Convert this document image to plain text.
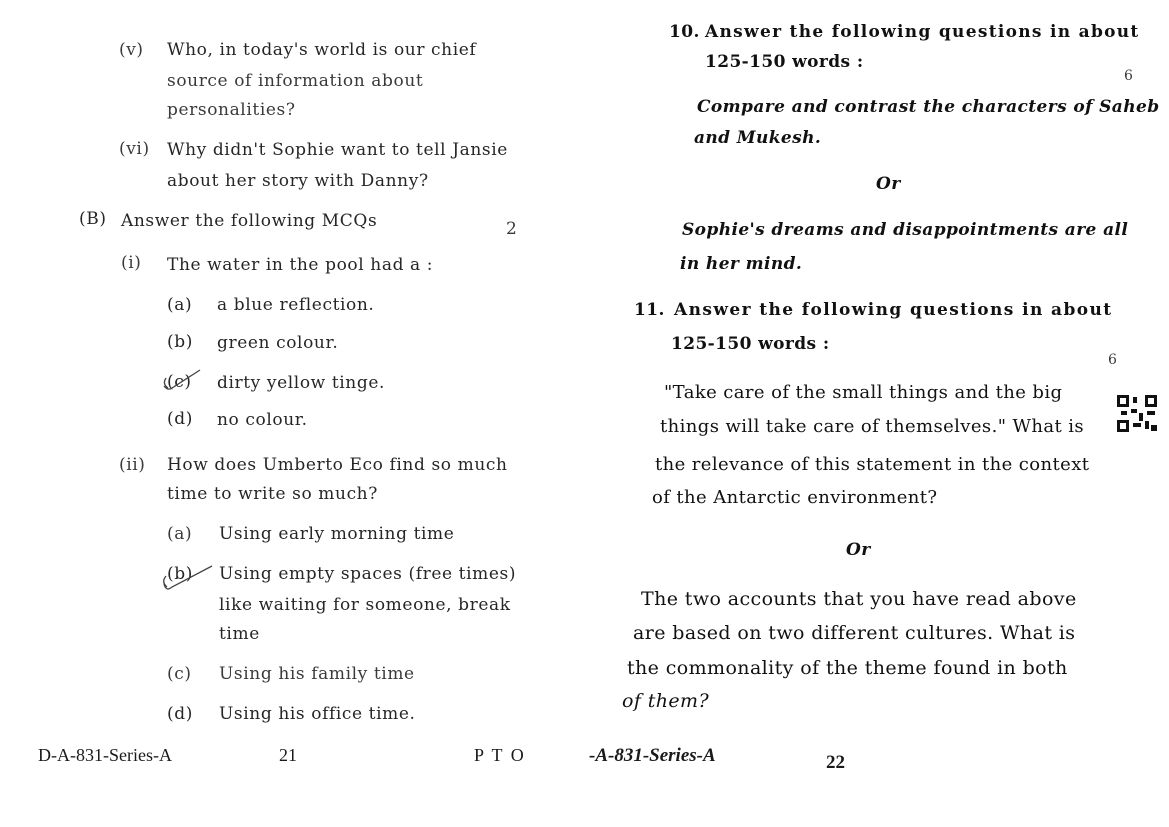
(v) Who, in today's world is our chief
source of information about
personalities?
(vi) Why didn't Sophie want to tell Jansie
about her story with Danny?
(B) Answer the following MCQs	2
(i) The water in the pool had a :
(a) a blue reflection.
(b) green colour.
(c) dirty yellow tinge.
(d) no colour.
(ii) How does Umberto Eco find so much
time to write so much?
(a) Using early morning time
(b) Using empty spaces (free times)
like waiting for someone, break
time
(c) Using his family time
(d) Using his office time.
10. Answer the following questions in about
125-150 words :
6
Compare and contrast the characters of Saheb
and Mukesh.
Or
Sophie's dreams and disappointments are all
in her mind.
11. Answer the following questions in about
125-150 words :
6
"Take care of the small things and the big
things will take care of themselves." What is
the relevance of this statement in the context
of the Antarctic environment?
Or
The two accounts that you have read above
are based on two different cultures. What is
the commonality of the theme found in both
of them?
D-A-831-Series-A	21	P T O	-A-831-Series-A	22
